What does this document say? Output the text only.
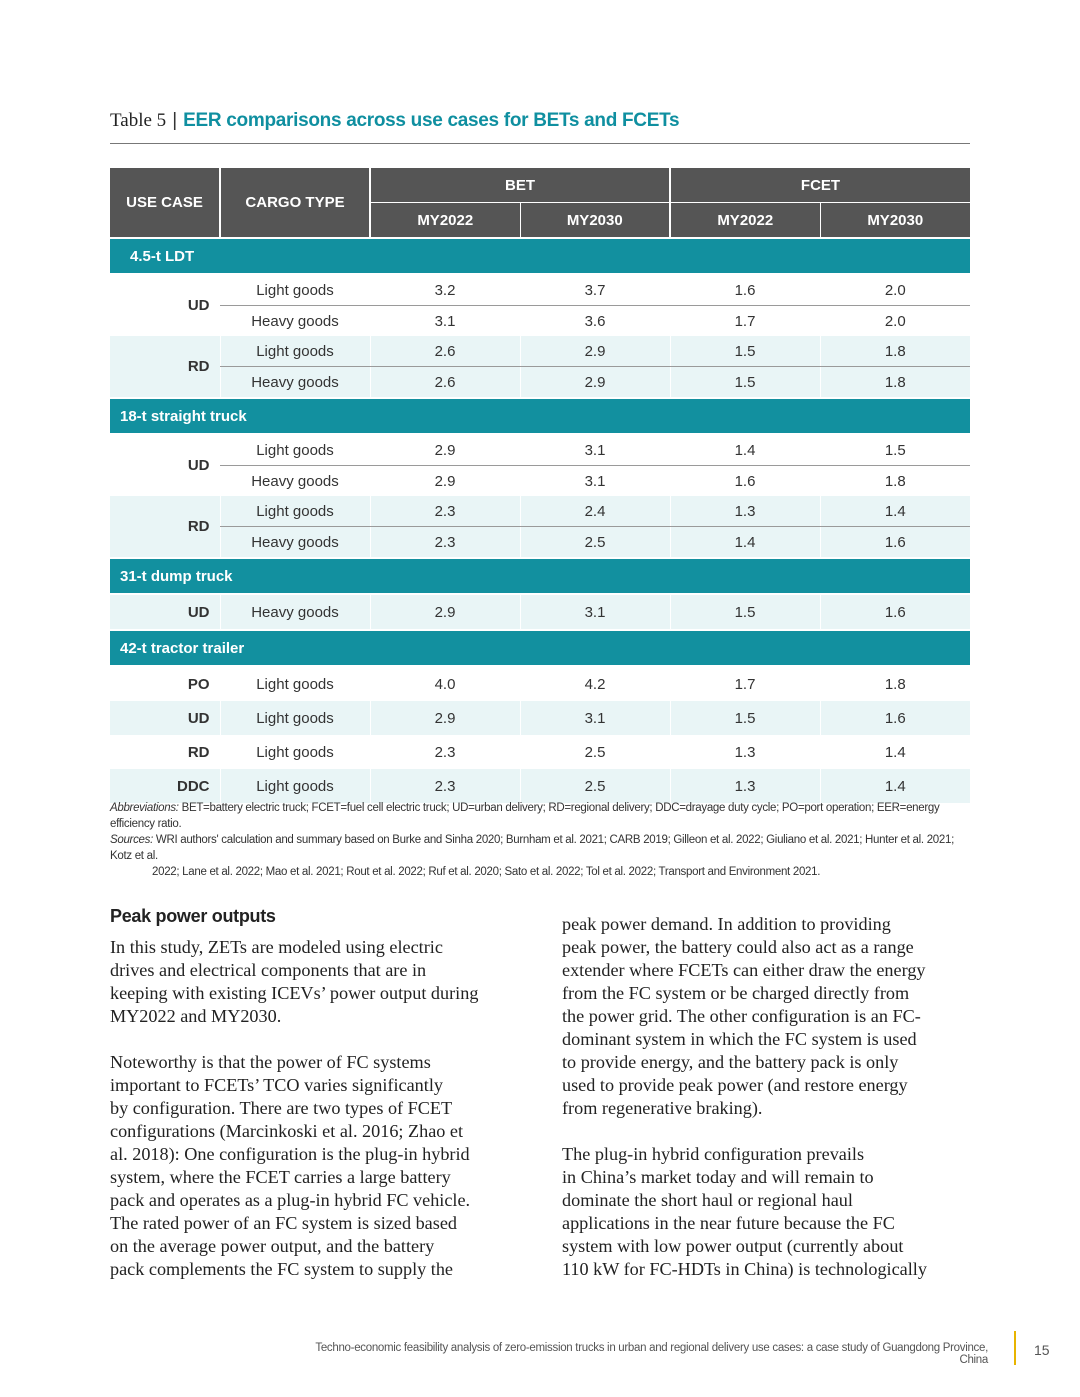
Table 5 | EER comparisons across use cases for BETs and FCETs
USE CASE	CARGO TYPE	BET		FCET	
		MY2022	MY2030	MY2022	MY2030
4.5-t LDT					
UD	Light goods	3.2	3.7	1.6	2.0
	Heavy goods	3.1	3.6	1.7	2.0
RD	Light goods	2.6	2.9	1.5	1.8
	Heavy goods	2.6	2.9	1.5	1.8
18-t straight truck					
UD	Light goods	2.9	3.1	1.4	1.5
	Heavy goods	2.9	3.1	1.6	1.8
RD	Light goods	2.3	2.4	1.3	1.4
	Heavy goods	2.3	2.5	1.4	1.6
31-t dump truck					
UD	Heavy goods	2.9	3.1	1.5	1.6
42-t tractor trailer					
PO	Light goods	4.0	4.2	1.7	1.8
UD	Light goods	2.9	3.1	1.5	1.6
RD	Light goods	2.3	2.5	1.3	1.4
DDC	Light goods	2.3	2.5	1.3	1.4
Abbreviations: BET=battery electric truck; FCET=fuel cell electric truck; UD=urban delivery; RD=regional delivery; DDC=drayage duty cycle; PO=port operation; EER=energy efficiency ratio.
Sources: WRI authors' calculation and summary based on Burke and Sinha 2020; Burnham et al. 2021; CARB 2019; Gilleon et al. 2022; Giuliano et al. 2021; Hunter et al. 2021; Kotz et al.
2022; Lane et al. 2022; Mao et al. 2021; Rout et al. 2022; Ruf et al. 2020; Sato et al. 2022; Tol et al. 2022; Transport and Environment 2021.
Peak power outputs

In this study, ZETs are modeled using electric
drives and electrical components that are in
keeping with existing ICEVs’ power output during
MY2022 and MY2030.

Noteworthy is that the power of FC systems
important to FCETs’ TCO varies significantly
by configuration. There are two types of FCET
configurations (Marcinkoski et al. 2016; Zhao et
al. 2018): One configuration is the plug-in hybrid
system, where the FCET carries a large battery
pack and operates as a plug-in hybrid FC vehicle.
The rated power of an FC system is sized based
on the average power output, and the battery
pack complements the FC system to supply the

peak power demand. In addition to providing
peak power, the battery could also act as a range
extender where FCETs can either draw the energy
from the FC system or be charged directly from
the power grid. The other configuration is an FC-
dominant system in which the FC system is used
to provide energy, and the battery pack is only
used to provide peak power (and restore energy
from regenerative braking).

The plug-in hybrid configuration prevails
in China’s market today and will remain to
dominate the short haul or regional haul
applications in the near future because the FC
system with low power output (currently about
110 kW for FC-HDTs in China) is technologically

Techno-economic feasibility analysis of zero-emission trucks in urban and regional delivery use cases: a case study of Guangdong Province, China
15
